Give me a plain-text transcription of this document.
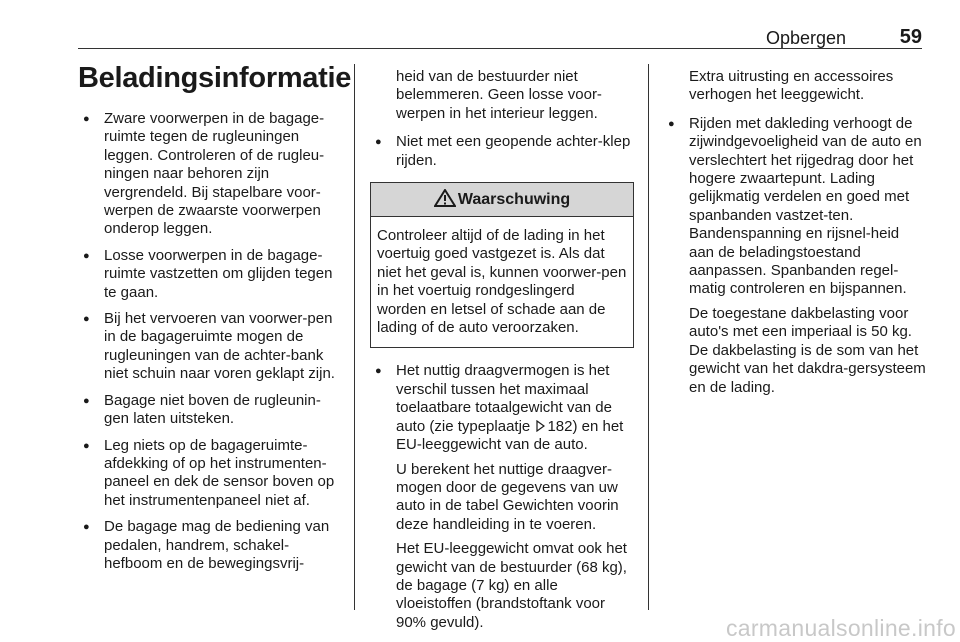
Opbergen	59
Beladingsinformatie
● Zware voorwerpen in de bagage-ruimte tegen de rugleuningen leggen. Controleren of de rugleu-ningen naar behoren zijn vergrendeld. Bij stapelbare voor-werpen de zwaarste voorwerpen onderop leggen.
● Losse voorwerpen in de bagage-ruimte vastzetten om glijden tegen te gaan.
● Bij het vervoeren van voorwer-pen in de bagageruimte mogen de rugleuningen van de achter-bank niet schuin naar voren geklapt zijn.
● Bagage niet boven de rugleunin-gen laten uitsteken.
● Leg niets op de bagageruimte-afdekking of op het instrumenten-paneel en dek de sensor boven op het instrumentenpaneel niet af.
● De bagage mag de bediening van pedalen, handrem, schakel-hefboom en de bewegingsvrij-
heid van de bestuurder niet belemmeren. Geen losse voor-werpen in het interieur leggen.
● Niet met een geopende achter-klep rijden.
Waarschuwing
Controleer altijd of de lading in het voertuig goed vastgezet is. Als dat niet het geval is, kunnen voorwer-pen in het voertuig rondgeslingerd worden en letsel of schade aan de lading of de auto veroorzaken.
● Het nuttig draagvermogen is het verschil tussen het maximaal toelaatbare totaalgewicht van de auto (zie typeplaatje 182) en het EU-leeggewicht van de auto.
U berekent het nuttige draagver-mogen door de gegevens van uw auto in de tabel Gewichten voorin deze handleiding in te voeren.
Het EU-leeggewicht omvat ook het gewicht van de bestuurder (68 kg), de bagage (7 kg) en alle vloeistoffen (brandstoftank voor 90% gevuld).
Extra uitrusting en accessoires verhogen het leeggewicht.
● Rijden met dakleding verhoogt de zijwindgevoeligheid van de auto en verslechtert het rijgedrag door het hogere zwaartepunt. Lading gelijkmatig verdelen en goed met spanbanden vastzet-ten. Bandenspanning en rijsnel-heid aan de beladingstoestand aanpassen. Spanbanden regel-matig controleren en bijspannen.
De toegestane dakbelasting voor auto's met een imperiaal is 50 kg. De dakbelasting is de som van het gewicht van het dakdra-gersysteem en de lading.
carmanualsonline.info
